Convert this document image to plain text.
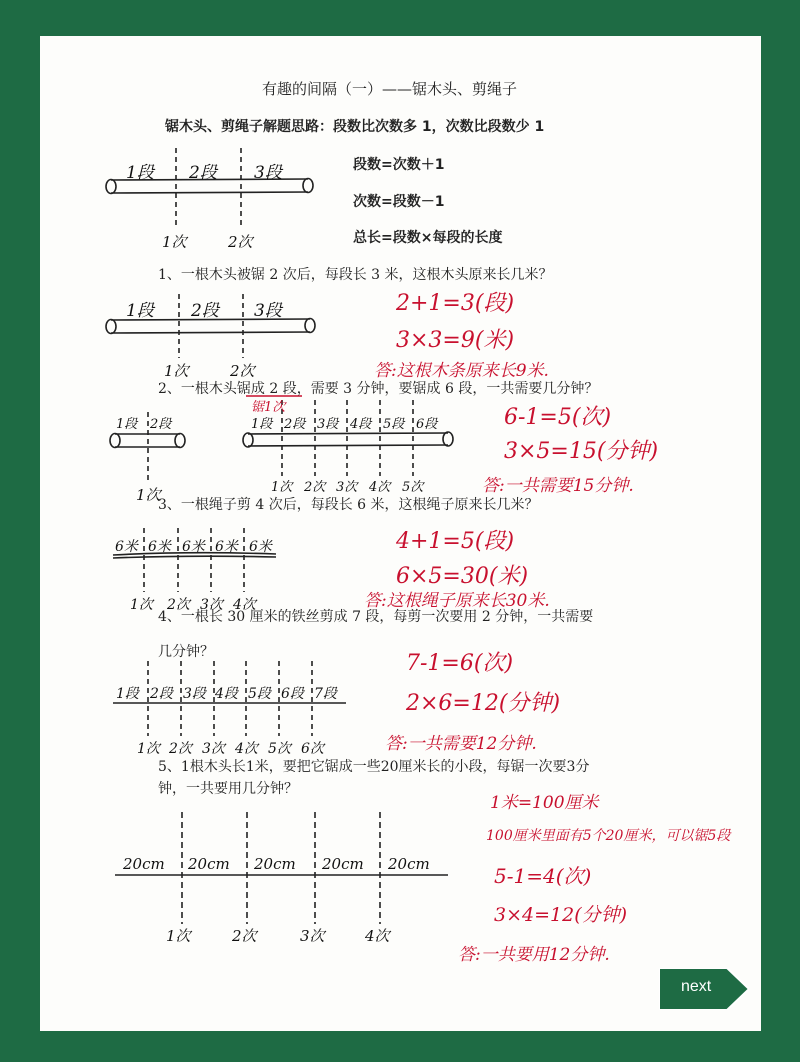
有趣的间隔（一）——锯木头、剪绳子
锯木头、剪绳子解题思路：段数比次数多 1，次数比段数少 1
段数=次数＋1
次数=段数－1
总长=段数×每段的长度
1段 2段 3段
1次	2次
1、一根木头被锯 2 次后，每段长 3 米，这根木头原来长几米？
1段 2段 3段
1次	2次
2+1=3(段)
3×3=9(米)
答:这根木条原来长9米.
2、一根木头锯成 2 段，需要 3 分钟，要锯成 6 段，一共需要几分钟？
锯1次
1段 2段
1次
1段 2段 3段 4段 5段 6段
1次 2次 3次 4次 5次
6-1=5(次)
3×5=15(分钟)
答:一共需要15分钟.
3、一根绳子剪 4 次后，每段长 6 米，这根绳子原来长几米？
6米 6米 6米 6米 6米
1次 2次 3次 4次
4+1=5(段)
6×5=30(米)
答:这根绳子原来长30米.
4、一根长 30 厘米的铁丝剪成 7 段，每剪一次要用 2 分钟，一共需要
几分钟？
1段 2段 3段 4段 5段 6段 7段
1次 2次 3次 4次 5次 6次
7-1=6(次)
2×6=12(分钟)
答:一共需要12分钟.
5、1根木头长1米，要把它锯成一些20厘米长的小段，每锯一次要3分
钟，一共要用几分钟？
20cm 20cm 20cm 20cm 20cm
1次	2次	3次	4次
1米=100厘米
100厘米里面有5个20厘米，可以锯5段
5-1=4(次)
3×4=12(分钟)
答:一共要用12分钟.
next
